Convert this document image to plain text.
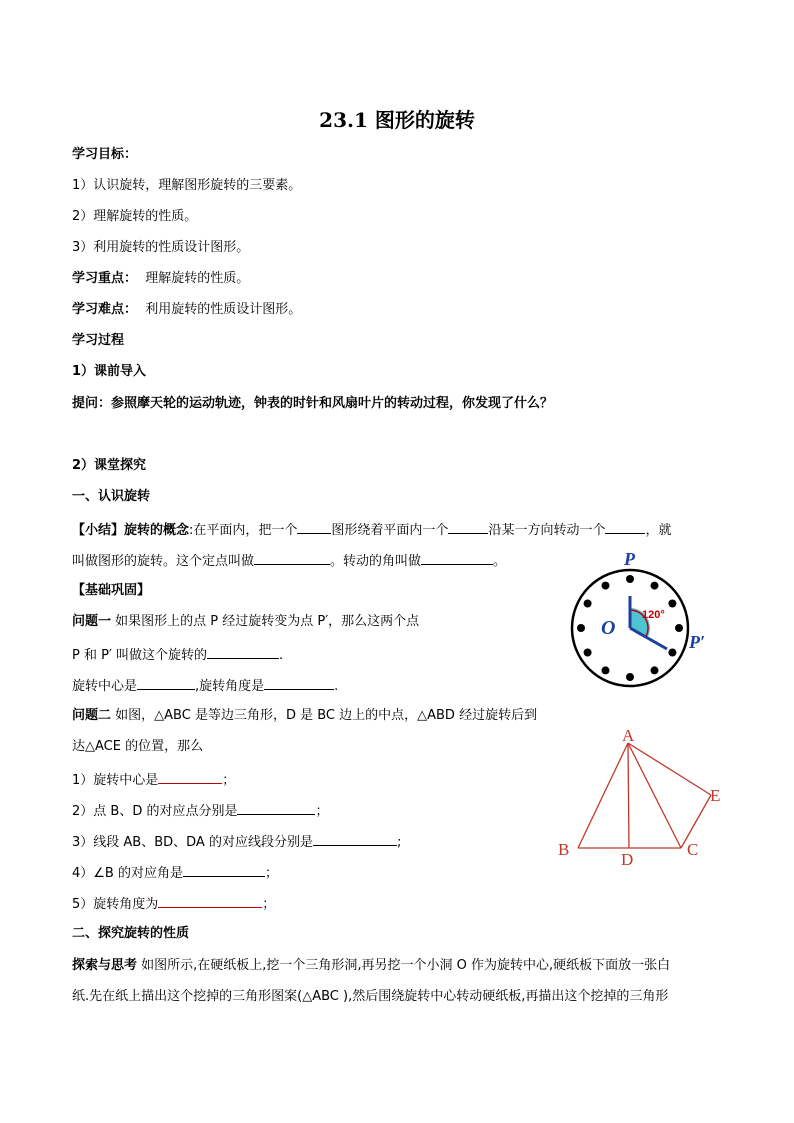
23.1 图形的旋转
学习目标：
1）认识旋转，理解图形旋转的三要素。
2）理解旋转的性质。
3）利用旋转的性质设计图形。
学习重点： 理解旋转的性质。
学习难点： 利用旋转的性质设计图形。
学习过程
1）课前导入
提问：参照摩天轮的运动轨迹，钟表的时针和风扇叶片的转动过程，你发现了什么？
2）课堂探究
一、认识旋转
【小结】旋转的概念:在平面内，把一个	图形绕着平面内一个	沿某一方向转动一个	，就
叫做图形的旋转。这个定点叫做	。转动的角叫做	。
【基础巩固】
问题一 如果图形上的点 P 经过旋转变为点 P′，那么这两个点
P 和 P′ 叫做这个旋转的	.
旋转中心是	,旋转角度是	.
问题二 如图，△ABC 是等边三角形，D 是 BC 边上的中点，△ABD 经过旋转后到
达△ACE 的位置，那么
1）旋转中心是	；
2）点 B、D 的对应点分别是	；
3）线段 AB、BD、DA 的对应线段分别是	;
4）∠B 的对应角是	；
5）旋转角度为	；
二、探究旋转的性质
探索与思考 如图所示,在硬纸板上,挖一个三角形洞,再另挖一个小洞 O 作为旋转中心,硬纸板下面放一张白
纸.先在纸上描出这个挖掉的三角形图案(△ABC ),然后围绕旋转中心转动硬纸板,再描出这个挖掉的三角形
120°
P
O
P′
A
B	C
D
E
